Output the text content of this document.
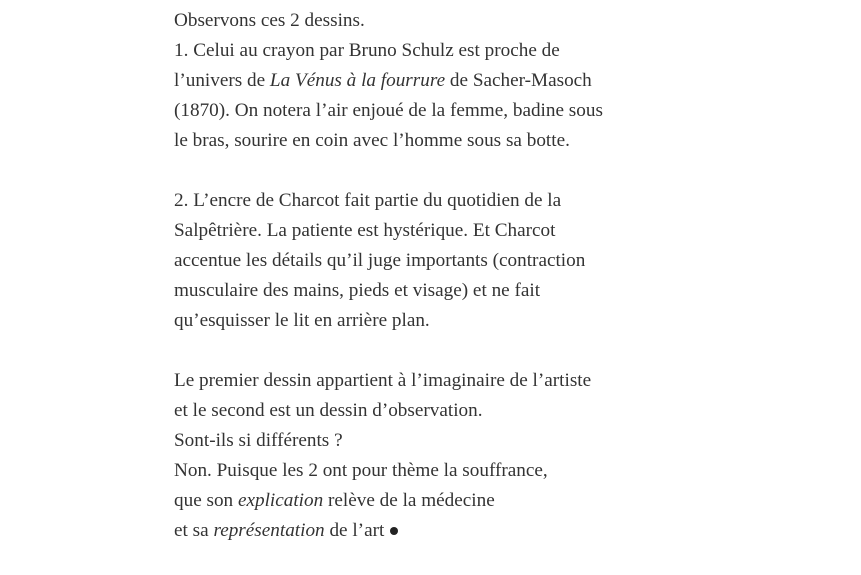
Observons ces 2 dessins.
1. Celui au crayon par Bruno Schulz est proche de
l’univers de La Vénus à la fourrure de Sacher-Masoch
(1870). On notera l’air enjoué de la femme, badine sous
le bras, sourire en coin avec l’homme sous sa botte.
2. L’encre de Charcot fait partie du quotidien de la
Salpêtrière. La patiente est hystérique. Et Charcot
accentue les détails qu’il juge importants (contraction
musculaire des mains, pieds et visage) et ne fait
qu’esquisser le lit en arrière plan.
Le premier dessin appartient à l’imaginaire de l’artiste
et le second est un dessin d’observation.
Sont-ils si différents ?
Non. Puisque les 2 ont pour thème la souffrance,
que son explication relève de la médecine
et sa représentation de l’art
